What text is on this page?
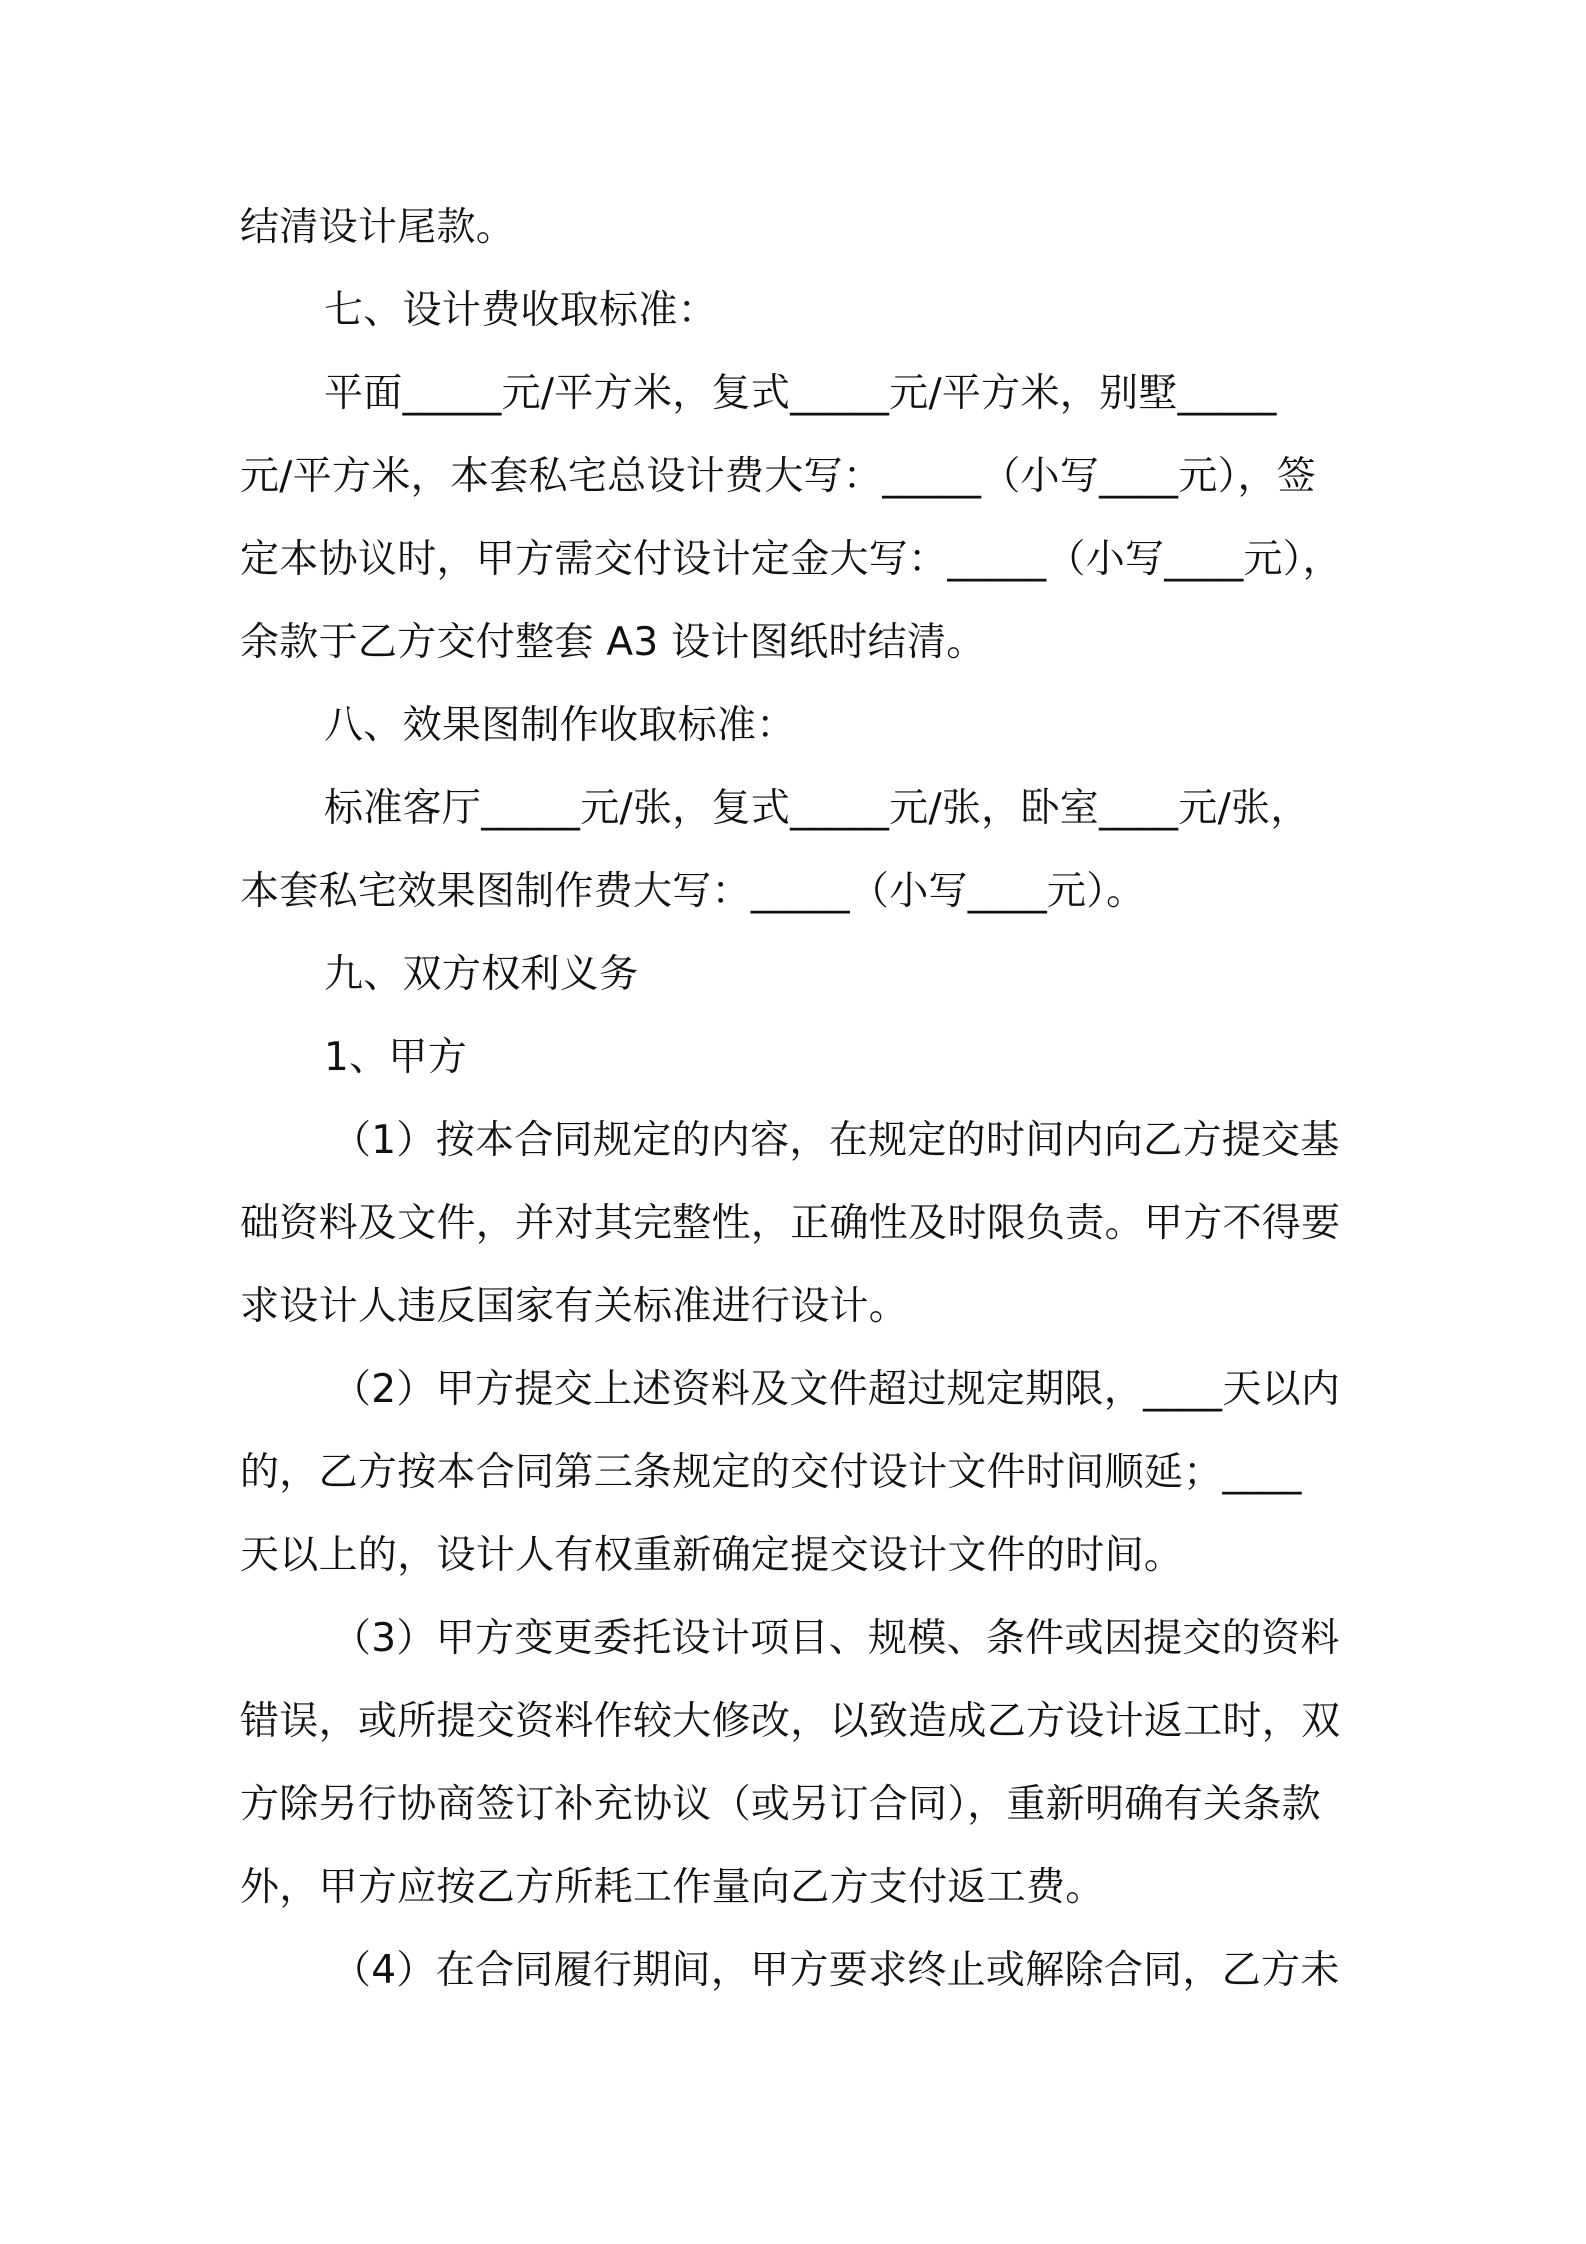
结清设计尾款。
七、设计费收取标准：
平面_____元/平方米，复式_____元/平方米，别墅_____
元/平方米，本套私宅总设计费大写：_____（小写____元），签
定本协议时，甲方需交付设计定金大写：_____（小写____元），
余款于乙方交付整套 A3 设计图纸时结清。
八、效果图制作收取标准：
标准客厅_____元/张，复式_____元/张，卧室____元/张，
本套私宅效果图制作费大写：_____（小写____元）。
九、双方权利义务
1、甲方
（1）按本合同规定的内容，在规定的时间内向乙方提交基
础资料及文件，并对其完整性，正确性及时限负责。甲方不得要
求设计人违反国家有关标准进行设计。
（2）甲方提交上述资料及文件超过规定期限，____天以内
的，乙方按本合同第三条规定的交付设计文件时间顺延；____
天以上的，设计人有权重新确定提交设计文件的时间。
（3）甲方变更委托设计项目、规模、条件或因提交的资料
错误，或所提交资料作较大修改，以致造成乙方设计返工时，双
方除另行协商签订补充协议（或另订合同），重新明确有关条款
外，甲方应按乙方所耗工作量向乙方支付返工费。
（4）在合同履行期间，甲方要求终止或解除合同，乙方未
